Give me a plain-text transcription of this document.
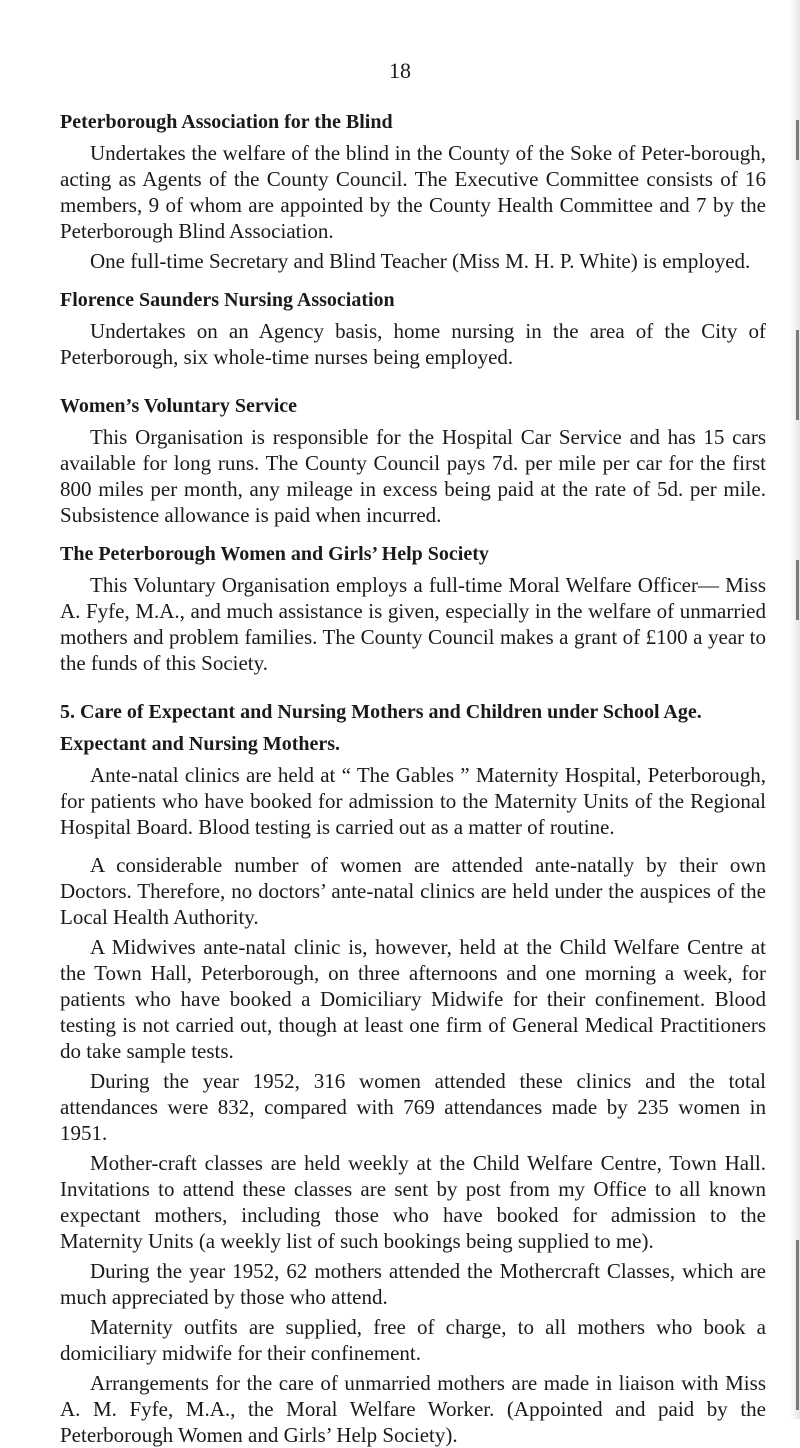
18
Peterborough Association for the Blind

Undertakes the welfare of the blind in the County of the Soke of Peter-borough, acting as Agents of the County Council. The Executive Committee consists of 16 members, 9 of whom are appointed by the County Health Committee and 7 by the Peterborough Blind Association.

One full-time Secretary and Blind Teacher (Miss M. H. P. White) is employed.

Florence Saunders Nursing Association

Undertakes on an Agency basis, home nursing in the area of the City of Peterborough, six whole-time nurses being employed.

Women’s Voluntary Service

This Organisation is responsible for the Hospital Car Service and has 15 cars available for long runs. The County Council pays 7d. per mile per car for the first 800 miles per month, any mileage in excess being paid at the rate of 5d. per mile. Subsistence allowance is paid when incurred.

The Peterborough Women and Girls’ Help Society

This Voluntary Organisation employs a full-time Moral Welfare Officer— Miss A. Fyfe, M.A., and much assistance is given, especially in the welfare of unmarried mothers and problem families. The County Council makes a grant of £100 a year to the funds of this Society.

5. Care of Expectant and Nursing Mothers and Children under School Age.
Expectant and Nursing Mothers.

Ante-natal clinics are held at “ The Gables ” Maternity Hospital, Peterborough, for patients who have booked for admission to the Maternity Units of the Regional Hospital Board. Blood testing is carried out as a matter of routine.

A considerable number of women are attended ante-natally by their own Doctors. Therefore, no doctors’ ante-natal clinics are held under the auspices of the Local Health Authority.

A Midwives ante-natal clinic is, however, held at the Child Welfare Centre at the Town Hall, Peterborough, on three afternoons and one morning a week, for patients who have booked a Domiciliary Midwife for their confinement. Blood testing is not carried out, though at least one firm of General Medical Practitioners do take sample tests.

During the year 1952, 316 women attended these clinics and the total attendances were 832, compared with 769 attendances made by 235 women in 1951.

Mother-craft classes are held weekly at the Child Welfare Centre, Town Hall. Invitations to attend these classes are sent by post from my Office to all known expectant mothers, including those who have booked for admission to the Maternity Units (a weekly list of such bookings being supplied to me).

During the year 1952, 62 mothers attended the Mothercraft Classes, which are much appreciated by those who attend.

Maternity outfits are supplied, free of charge, to all mothers who book a domiciliary midwife for their confinement.

Arrangements for the care of unmarried mothers are made in liaison with Miss A. M. Fyfe, M.A., the Moral Welfare Worker. (Appointed and paid by the Peterborough Women and Girls’ Help Society).
